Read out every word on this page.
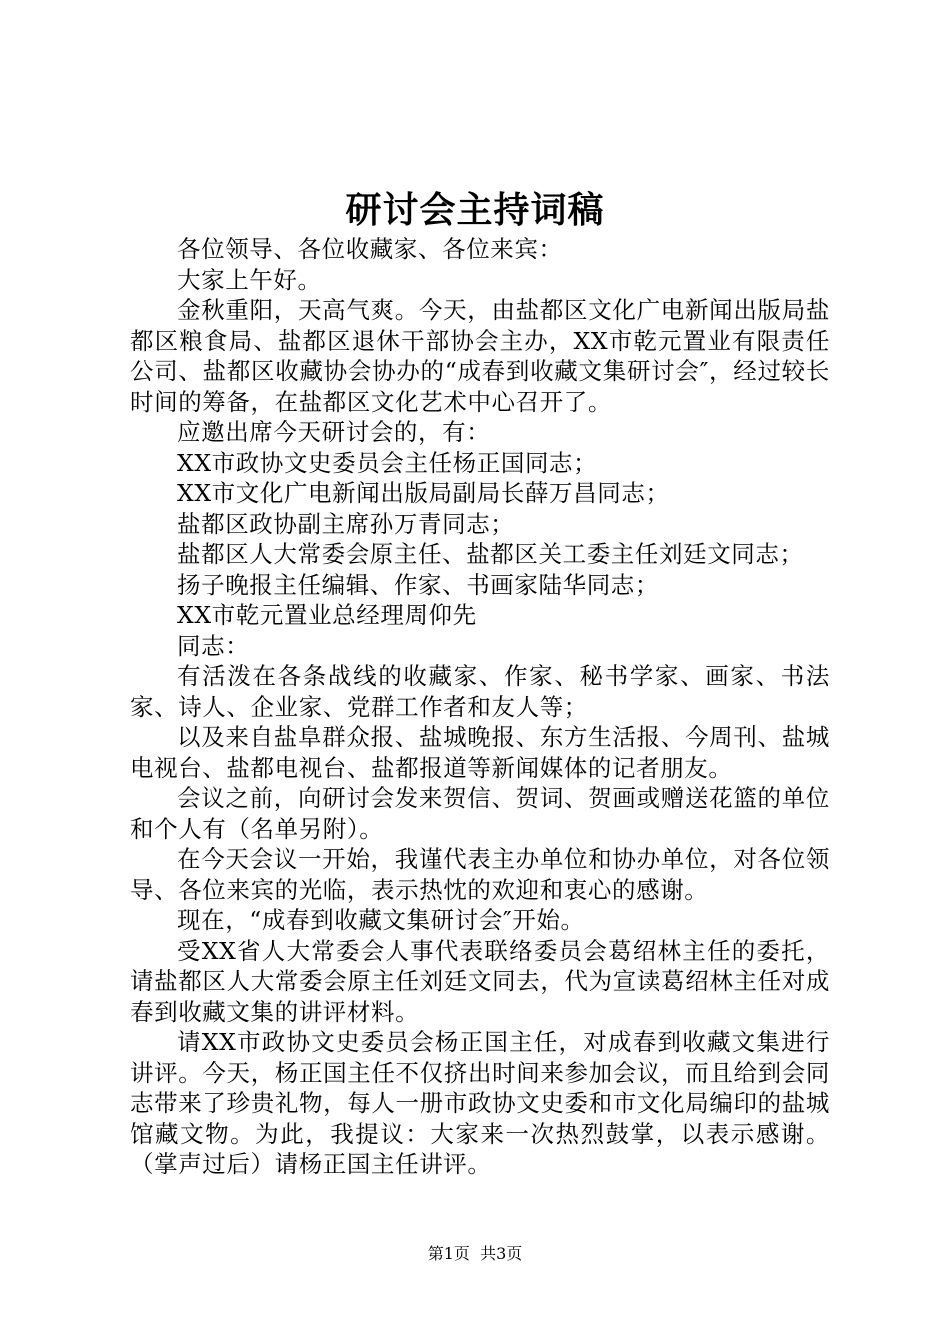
研讨会主持词稿

各位领导、各位收藏家、各位来宾：

大家上午好。

金秋重阳，天高气爽。今天，由盐都区文化广电新闻出版局盐都区粮食局、盐都区退休干部协会主办，XX市乾元置业有限责任公司、盐都区收藏协会协办的“成春到收藏文集研讨会″，经过较长时间的筹备，在盐都区文化艺术中心召开了。

应邀出席今天研讨会的，有：

XX市政协文史委员会主任杨正国同志；

XX市文化广电新闻出版局副局长薛万昌同志；

盐都区政协副主席孙万青同志；

盐都区人大常委会原主任、盐都区关工委主任刘廷文同志；

扬子晚报主任编辑、作家、书画家陆华同志；

XX市乾元置业总经理周仰先

同志：

有活泼在各条战线的收藏家、作家、秘书学家、画家、书法家、诗人、企业家、党群工作者和友人等；

以及来自盐阜群众报、盐城晚报、东方生活报、今周刊、盐城电视台、盐都电视台、盐都报道等新闻媒体的记者朋友。

会议之前，向研讨会发来贺信、贺词、贺画或赠送花篮的单位和个人有（名单另附）。

在今天会议一开始，我谨代表主办单位和协办单位，对各位领导、各位来宾的光临，表示热忱的欢迎和衷心的感谢。

现在，“成春到收藏文集研讨会″开始。

受XX省人大常委会人事代表联络委员会葛绍林主任的委托，请盐都区人大常委会原主任刘廷文同去，代为宣读葛绍林主任对成春到收藏文集的讲评材料。

请XX市政协文史委员会杨正国主任，对成春到收藏文集进行讲评。今天，杨正国主任不仅挤出时间来参加会议，而且给到会同志带来了珍贵礼物，每人一册市政协文史委和市文化局编印的盐城馆藏文物。为此，我提议：大家来一次热烈鼓掌，以表示感谢。（掌声过后）请杨正国主任讲评。

第1页 共3页
